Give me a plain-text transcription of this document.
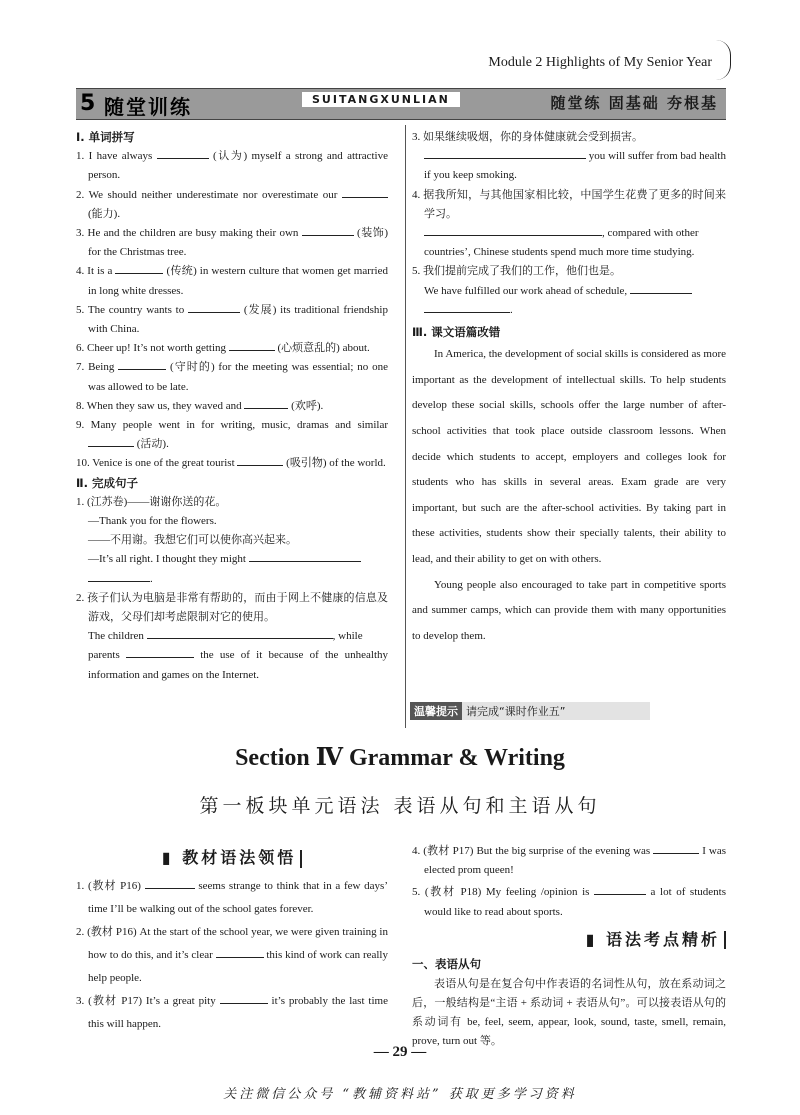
Module 2 Highlights of My Senior Year
5 随堂训练	SUITANGXUNLIAN	随堂练 固基础 夯根基

Ⅰ. 单词拼写

1. I have always	(认为) myself a strong and attractive person.

2. We should neither underestimate nor overestimate our  (能力).

3. He and the children are busy making their own	(装饰) for the Christmas tree.

4. It is a	(传统) in western culture that women get married in long white dresses.

5. The country wants to	(发展) its traditional friendship with China.

6. Cheer up! It’s not worth getting	(心烦意乱的) about.

7. Being	(守时的) for the meeting was essential; no one was allowed to be late.

8. When they saw us, they waved and	(欢呼).

9. Many people went in for writing, music, dramas and similar  (活动).

10. Venice is one of the great tourist	(吸引物) of the world.

Ⅱ. 完成句子

1. (江苏卷)——谢谢你送的花。

—Thank you for the flowers.

——不用谢。我想它们可以使你高兴起来。

—It’s all right. I thought they might

.

2. 孩子们认为电脑是非常有帮助的，而由于网上不健康的信息及游戏，父母们却考虑限制对它的使用。

The children	, while

parents	the use of it because of the unhealthy information and games on the Internet.

3. 如果继续吸烟，你的身体健康就会受到损害。

you will suffer from bad health if you keep smoking.

4. 据我所知，与其他国家相比较，中国学生花费了更多的时间来学习。

, compared with other

countries’, Chinese students spend much more time studying.

5. 我们提前完成了我们的工作，他们也是。

We have fulfilled our work ahead of schedule,

.

Ⅲ. 课文语篇改错

In America, the development of social skills is considered as more important as the development of intellectual skills. To help students develop these social skills, schools offer the large number of after-school activities that took place outside classroom lessons. When decide which students to accept, employers and colleges look for students who has skills in several areas. Exam grade are very important, but such are the after-school activities. By taking part in these activities, students show their specially talents, their ability to lead, and their ability to get on with others.

Young people also encouraged to take part in competitive sports and summer camps, which can provide them with many opportunities to develop them.

温馨提示 请完成“课时作业五”
Section Ⅳ Grammar & Writing
第一板块单元语法 表语从句和主语从句
▮ 教材语法领悟

1. (教材 P16)	seems strange to think that in a few days’ time I’ll be walking out of the school gates forever.

2. (教材 P16) At the start of the school year, we were given training in how to do this, and it’s clear	this kind of work can really help people.

3. (教材 P17) It’s a great pity	it’s probably the last time this will happen.

4. (教材 P17) But the big surprise of the evening was	I was elected prom queen!

5. (教材 P18) My feeling /opinion is	a lot of students would like to read about sports.

▮ 语法考点精析

一、表语从句

表语从句是在复合句中作表语的名词性从句，放在系动词之后，一般结构是“主语 + 系动词 + 表语从句”。可以接表语从句的系动词有 be, feel, seem, appear, look, sound, taste, smell, remain, prove, turn out 等。

— 29 —
关注微信公众号 “教辅资料站” 获取更多学习资料
